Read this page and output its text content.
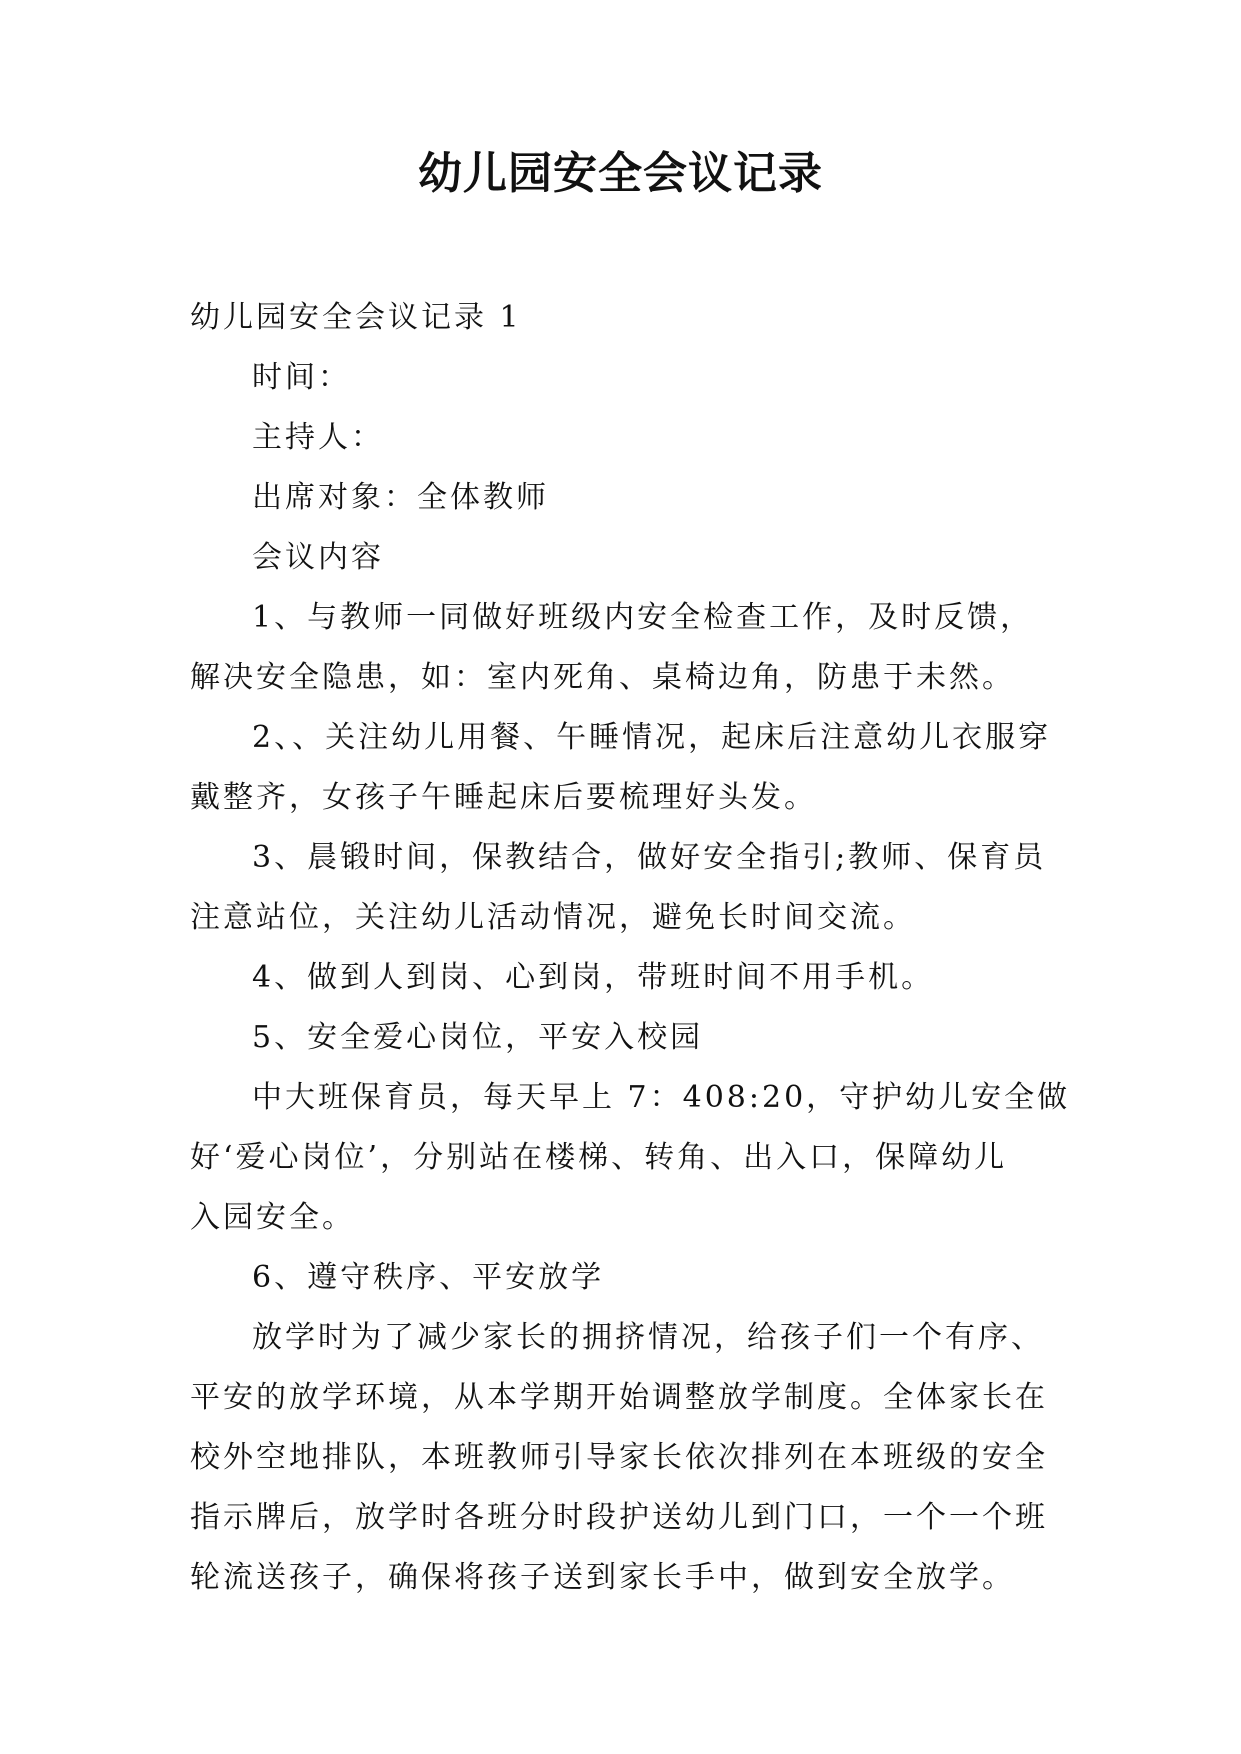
幼儿园安全会议记录
幼儿园安全会议记录 1
时间：
主持人：
出席对象：全体教师
会议内容
1、与教师一同做好班级内安全检查工作，及时反馈，
解决安全隐患，如：室内死角、桌椅边角，防患于未然。
2、、关注幼儿用餐、午睡情况，起床后注意幼儿衣服穿
戴整齐，女孩子午睡起床后要梳理好头发。
3、晨锻时间，保教结合，做好安全指引;教师、保育员
注意站位，关注幼儿活动情况，避免长时间交流。
4、做到人到岗、心到岗，带班时间不用手机。
5、安全爱心岗位，平安入校园
中大班保育员，每天早上 7：408:20，守护幼儿安全做
好‘爱心岗位’，分别站在楼梯、转角、出入口，保障幼儿
入园安全。
6、遵守秩序、平安放学
放学时为了减少家长的拥挤情况，给孩子们一个有序、
平安的放学环境，从本学期开始调整放学制度。全体家长在
校外空地排队，本班教师引导家长依次排列在本班级的安全
指示牌后，放学时各班分时段护送幼儿到门口，一个一个班
轮流送孩子，确保将孩子送到家长手中，做到安全放学。
